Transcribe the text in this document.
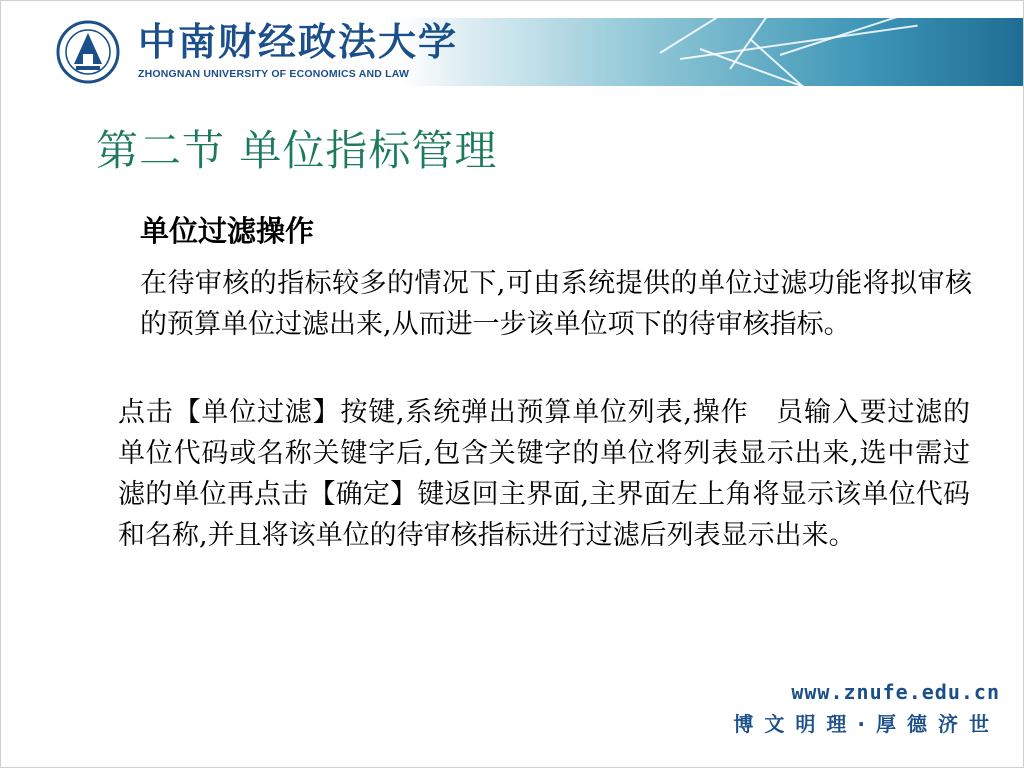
中南财经政法大学
ZHONGNAN UNIVERSITY OF ECONOMICS AND LAW
第二节 单位指标管理
单位过滤操作
在待审核的指标较多的情况下,可由系统提供的单位过滤功能将拟审核的预算单位过滤出来,从而进一步该单位项下的待审核指标。
点击【单位过滤】按键,系统弹出预算单位列表,操作　员输入要过滤的单位代码或名称关键字后,包含关键字的单位将列表显示出来,选中需过滤的单位再点击【确定】键返回主界面,主界面左上角将显示该单位代码和名称,并且将该单位的待审核指标进行过滤后列表显示出来。
www.znufe.edu.cn
博文明理·厚德济世
